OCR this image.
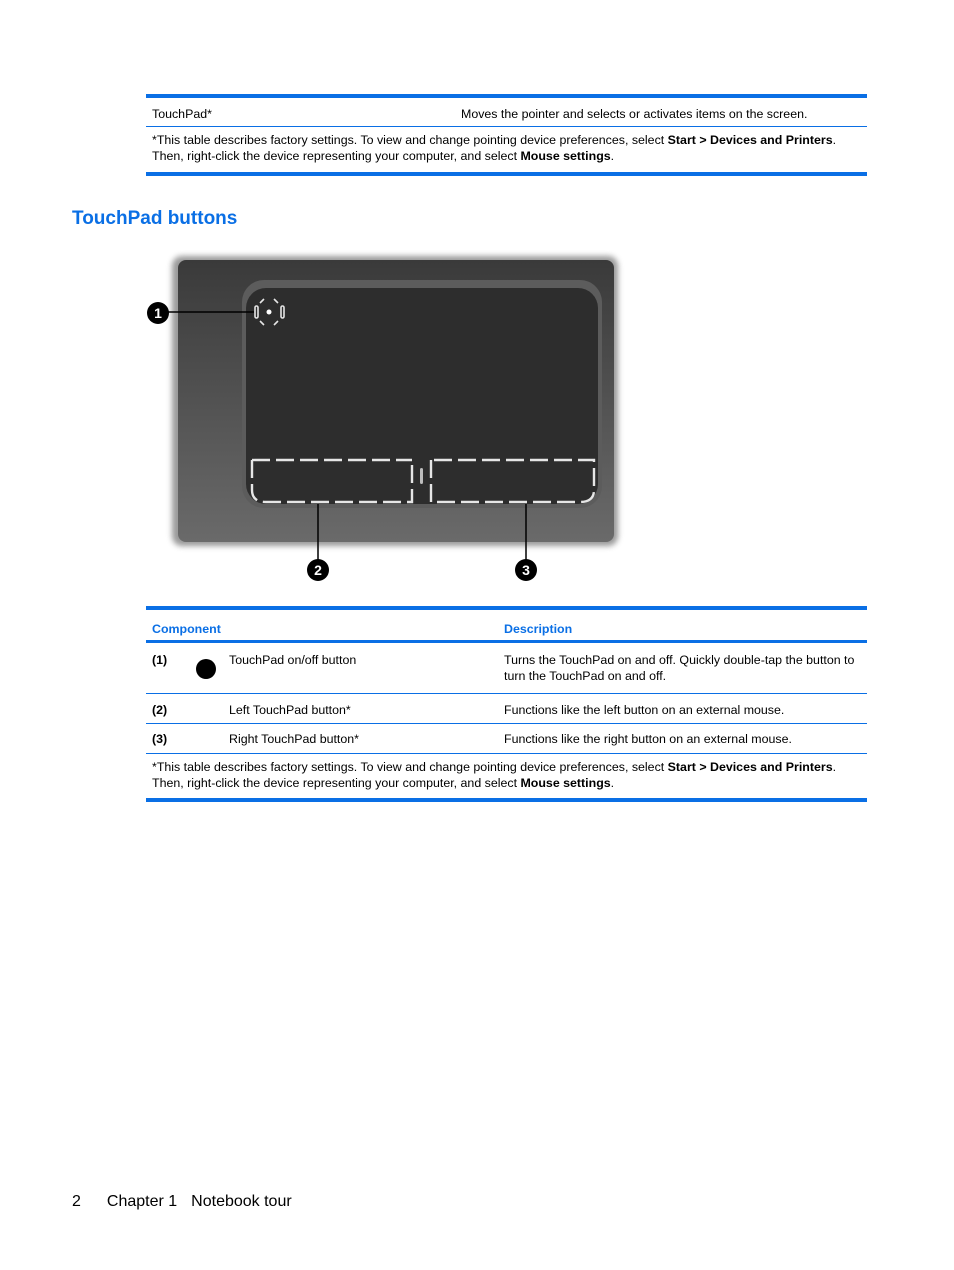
TouchPad*	Moves the pointer and selects or activates items on the screen.
*This table describes factory settings. To view and change pointing device preferences, select Start > Devices and Printers. Then, right-click the device representing your computer, and select Mouse settings.
TouchPad buttons
1
2	3
Component	Description
(1)	TouchPad on/off button	Turns the TouchPad on and off. Quickly double-tap the button to turn the TouchPad on and off.
(2)	Left TouchPad button*	Functions like the left button on an external mouse.
(3)	Right TouchPad button*	Functions like the right button on an external mouse.
*This table describes factory settings. To view and change pointing device preferences, select Start > Devices and Printers. Then, right-click the device representing your computer, and select Mouse settings.
2 Chapter 1 Notebook tour
